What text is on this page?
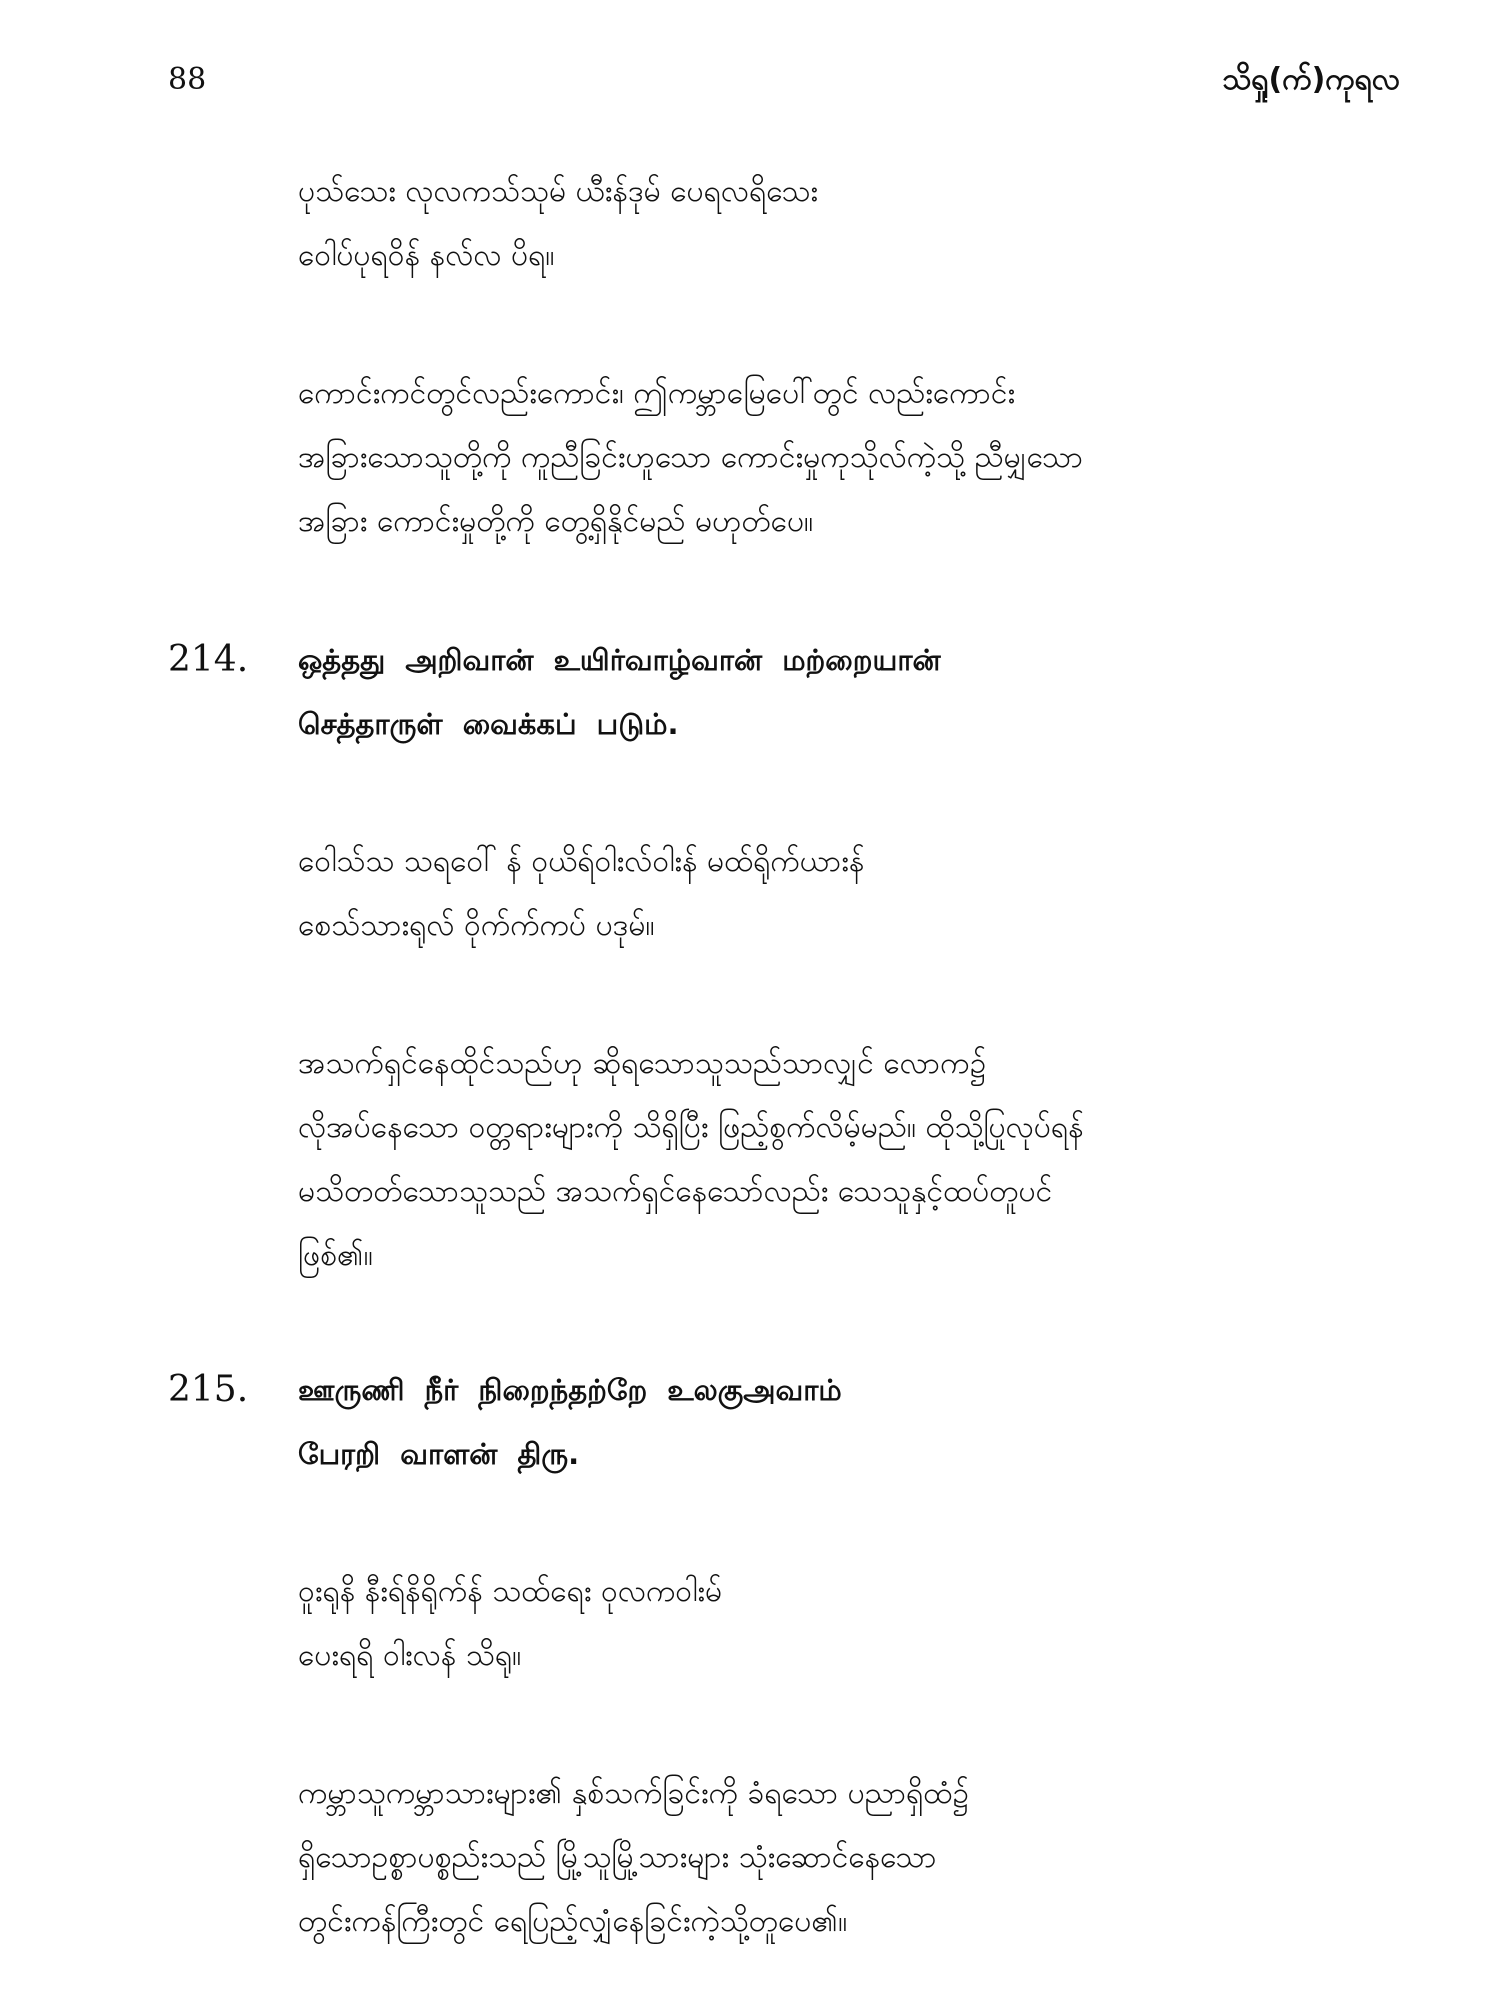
88	သိရှု(က်)ကုရလ
ပုသ်သေး လုလကသ်သုမ် ယီးန်ဒုမ် ပေရလရိသေး
ဝေါပ်ပုရဝိန် နလ်လ ပိရ။
ကောင်းကင်တွင်လည်းကောင်း၊ ဤကမ္ဘာမြေပေါ်တွင် လည်းကောင်း
အခြားသောသူတို့ကို ကူညီခြင်းဟူသော ကောင်းမှုကုသိုလ်ကဲ့သို့ ညီမျှသော
အခြား ကောင်းမှုတို့ကို တွေ့ရှိနိုင်မည် မဟုတ်ပေ။
214. ஒத்தது அறிவான் உயிர்வாழ்வான் மற்றையான்
செத்தாருள் வைக்கப் படும்.
ဝေါသ်သ သရဝေါ် န် ဝုယိရ်ဝါးလ်ဝါးန် မထ်ရိုက်ယားန်
စေသ်သားရုလ် ဝိုက်က်ကပ် ပဒုမ်။
အသက်ရှင်နေထိုင်သည်ဟု ဆိုရသောသူသည်သာလျှင် လောက၌
လိုအပ်နေသော ဝတ္တရားများကို သိရှိပြီး ဖြည့်စွက်လိမ့်မည်။ ထိုသို့ပြုလုပ်ရန်
မသိတတ်သောသူသည် အသက်ရှင်နေသော်လည်း သေသူနှင့်ထပ်တူပင်
ဖြစ်၏။
215. ஊருணி நீர் நிறைந்தற்றே உலகுஅவாம்
பேரறி வாளன் திரு.
ဝူးရုနိ နီးရ်နိရိုက်န် သထ်ရေး ဝုလကဝါးမ်
ပေးရရိ ဝါးလန် သိရု။
ကမ္ဘာသူကမ္ဘာသားများ၏ နှစ်သက်ခြင်းကို ခံရသော ပညာရှိထံ၌
ရှိသောဥစ္စာပစ္စည်းသည် မြို့သူမြို့သားများ သုံးဆောင်နေသော
တွင်းကန်ကြီးတွင် ရေပြည့်လျှံနေခြင်းကဲ့သို့တူပေ၏။
